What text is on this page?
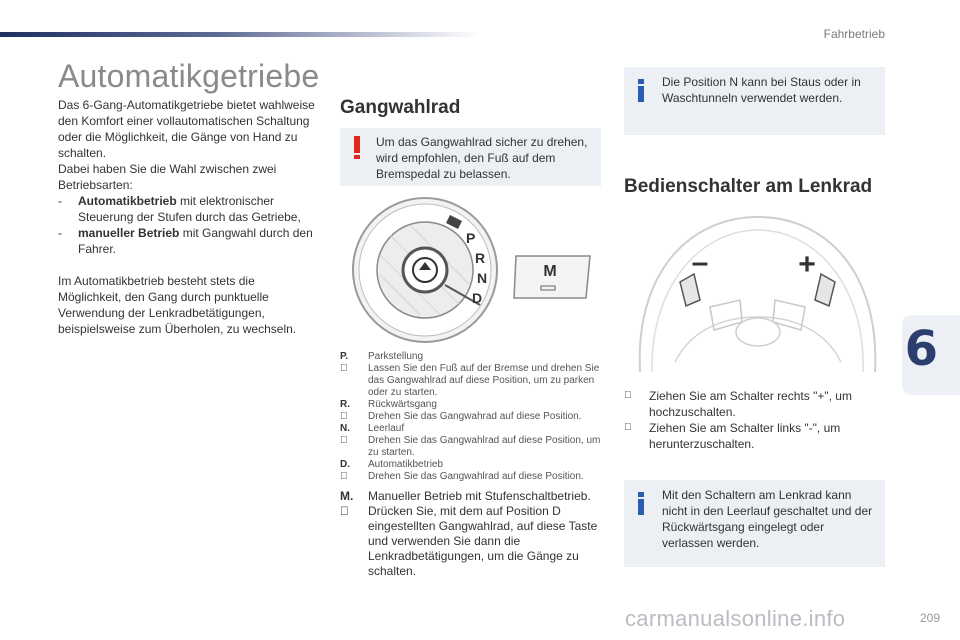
Fahrbetrieb
6
209
carmanualsonline.info
Automatikgetriebe

Das 6-Gang-Automatikgetriebe bietet wahlweise den Komfort einer vollautomatischen Schaltung oder die Möglichkeit, die Gänge von Hand zu schalten.

Dabei haben Sie die Wahl zwischen zwei Betriebsarten:

- Automatikbetrieb mit elektronischer Steuerung der Stufen durch das Getriebe,

- manueller Betrieb mit Gangwahl durch den Fahrer.

Im Automatikbetrieb besteht stets die Möglichkeit, den Gang durch punktuelle Verwendung der Lenkradbetätigungen, beispielsweise zum Überholen, zu wechseln.

Gangwahlrad
Um das Gangwahlrad sicher zu drehen, wird empfohlen, den Fuß auf dem Bremspedal zu belassen.
P
R
N
D
M

P. Parkstellung

Lassen Sie den Fuß auf der Bremse und drehen Sie das Gangwahlrad auf diese Position, um zu parken oder zu starten.

R. Rückwärtsgang

Drehen Sie das Gangwahrad auf diese Position.

N. Leerlauf

Drehen Sie das Gangwahlrad auf diese Position, um zu starten.

D. Automatikbetrieb

Drehen Sie das Gangwahlrad auf diese Position.

M. Manueller Betrieb mit Stufenschaltbetrieb.

Drücken Sie, mit dem auf Position D eingestellten Gangwahlrad, auf diese Taste und verwenden Sie dann die Lenkradbetätigungen, um die Gänge zu schalten.

Die Position N kann bei Staus oder in Waschtunneln verwendet werden.
Bedienschalter am Lenkrad
–	+

Ziehen Sie am Schalter rechts "+", um hochzuschalten.

Ziehen Sie am Schalter links "-", um herunterzuschalten.

Mit den Schaltern am Lenkrad kann nicht in den Leerlauf geschaltet und der Rückwärtsgang eingelegt oder verlassen werden.
